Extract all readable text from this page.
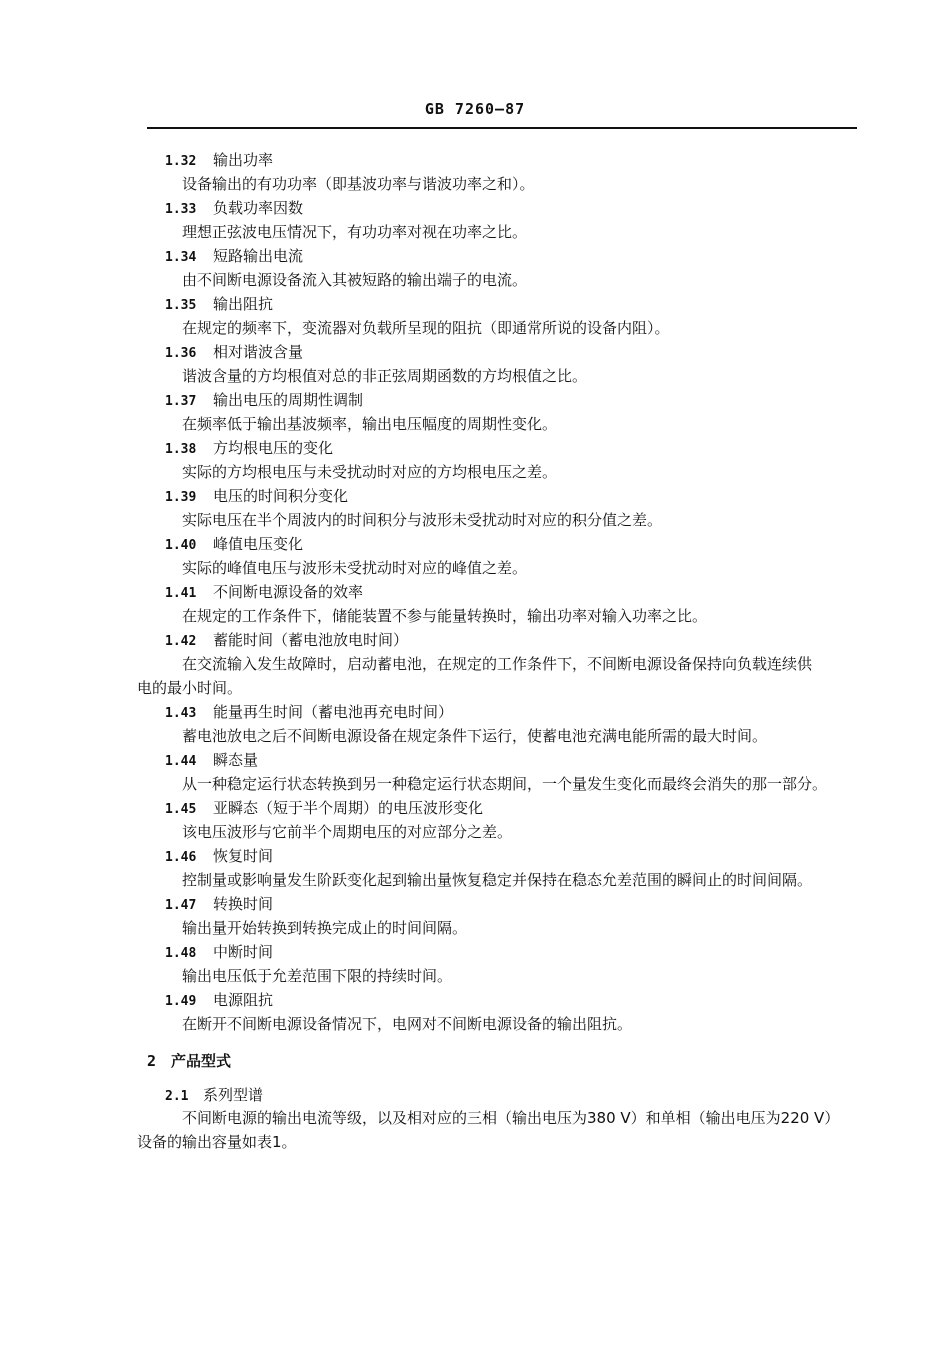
GB 7260—87
1.32 输出功率
设备输出的有功功率（即基波功率与谐波功率之和）。
1.33 负载功率因数
理想正弦波电压情况下，有功功率对视在功率之比。
1.34 短路输出电流
由不间断电源设备流入其被短路的输出端子的电流。
1.35 输出阻抗
在规定的频率下，变流器对负载所呈现的阻抗（即通常所说的设备内阻）。
1.36 相对谐波含量
谐波含量的方均根值对总的非正弦周期函数的方均根值之比。
1.37 输出电压的周期性调制
在频率低于输出基波频率，输出电压幅度的周期性变化。
1.38 方均根电压的变化
实际的方均根电压与未受扰动时对应的方均根电压之差。
1.39 电压的时间积分变化
实际电压在半个周波内的时间积分与波形未受扰动时对应的积分值之差。
1.40 峰值电压变化
实际的峰值电压与波形未受扰动时对应的峰值之差。
1.41 不间断电源设备的效率
在规定的工作条件下，储能装置不参与能量转换时，输出功率对输入功率之比。
1.42 蓄能时间（蓄电池放电时间）
在交流输入发生故障时，启动蓄电池，在规定的工作条件下，不间断电源设备保持向负载连续供
电的最小时间。
1.43 能量再生时间（蓄电池再充电时间）
蓄电池放电之后不间断电源设备在规定条件下运行，使蓄电池充满电能所需的最大时间。
1.44 瞬态量
从一种稳定运行状态转换到另一种稳定运行状态期间，一个量发生变化而最终会消失的那一部分。
1.45 亚瞬态（短于半个周期）的电压波形变化
该电压波形与它前半个周期电压的对应部分之差。
1.46 恢复时间
控制量或影响量发生阶跃变化起到输出量恢复稳定并保持在稳态允差范围的瞬间止的时间间隔。
1.47 转换时间
输出量开始转换到转换完成止的时间间隔。
1.48 中断时间
输出电压低于允差范围下限的持续时间。
1.49 电源阻抗
在断开不间断电源设备情况下，电网对不间断电源设备的输出阻抗。
2 产品型式
2.1 系列型谱
不间断电源的输出电流等级，以及相对应的三相（输出电压为380 V）和单相（输出电压为220 V）
设备的输出容量如表1。
